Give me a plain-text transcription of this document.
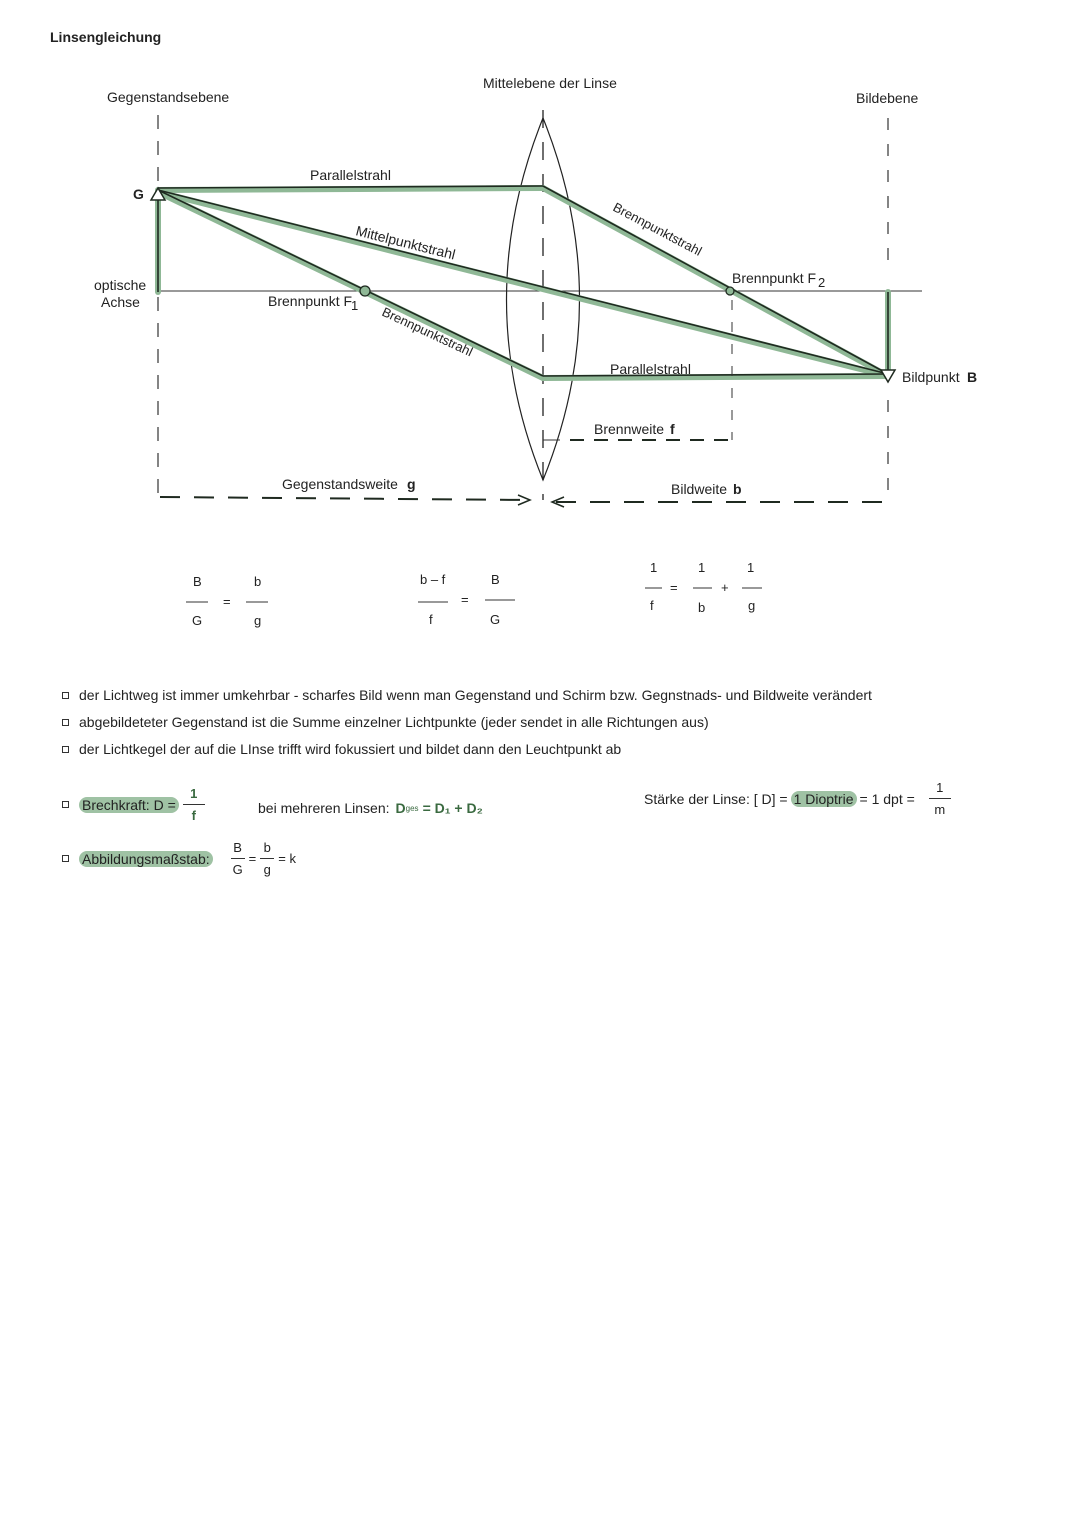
Linsengleichung
Gegenstandsebene
Mittelebene der Linse
Bildebene
optische
Achse
G
Bildpunkt B
Brennpunkt F
1
Brennpunkt F 2
Parallelstrahl
Mittelpunktstrahl	Brennpunktstrahl
Brennpunktstrahl
Parallelstrahl
Brennweite f
Gegenstandsweite g	Bildweite b
B
G
=
b
g
b – f
f
=
B
G
1
f
=
1
b
+
1
g
der Lichtweg ist immer umkehrbar - scharfes Bild wenn man Gegenstand und Schirm bzw. Gegnstnads- und Bildweite verändert
abgebildeteter Gegenstand ist die Summe einzelner Lichtpunkte (jeder sendet in alle Richtungen aus)
der Lichtkegel der auf die LInse trifft wird fokussiert und bildet dann den Leuchtpunkt ab
Brechkraft: $D = \frac{1}{f}$	bei mehreren Linsen: D ges = D₁ + D₂
Stärke der Linse: [ D] = 1 Dioptrie = 1 dpt = $\frac{1}{m}$
Abbildungsmaßstab: $\frac{B}{G} = \frac{b}{g} = k$
